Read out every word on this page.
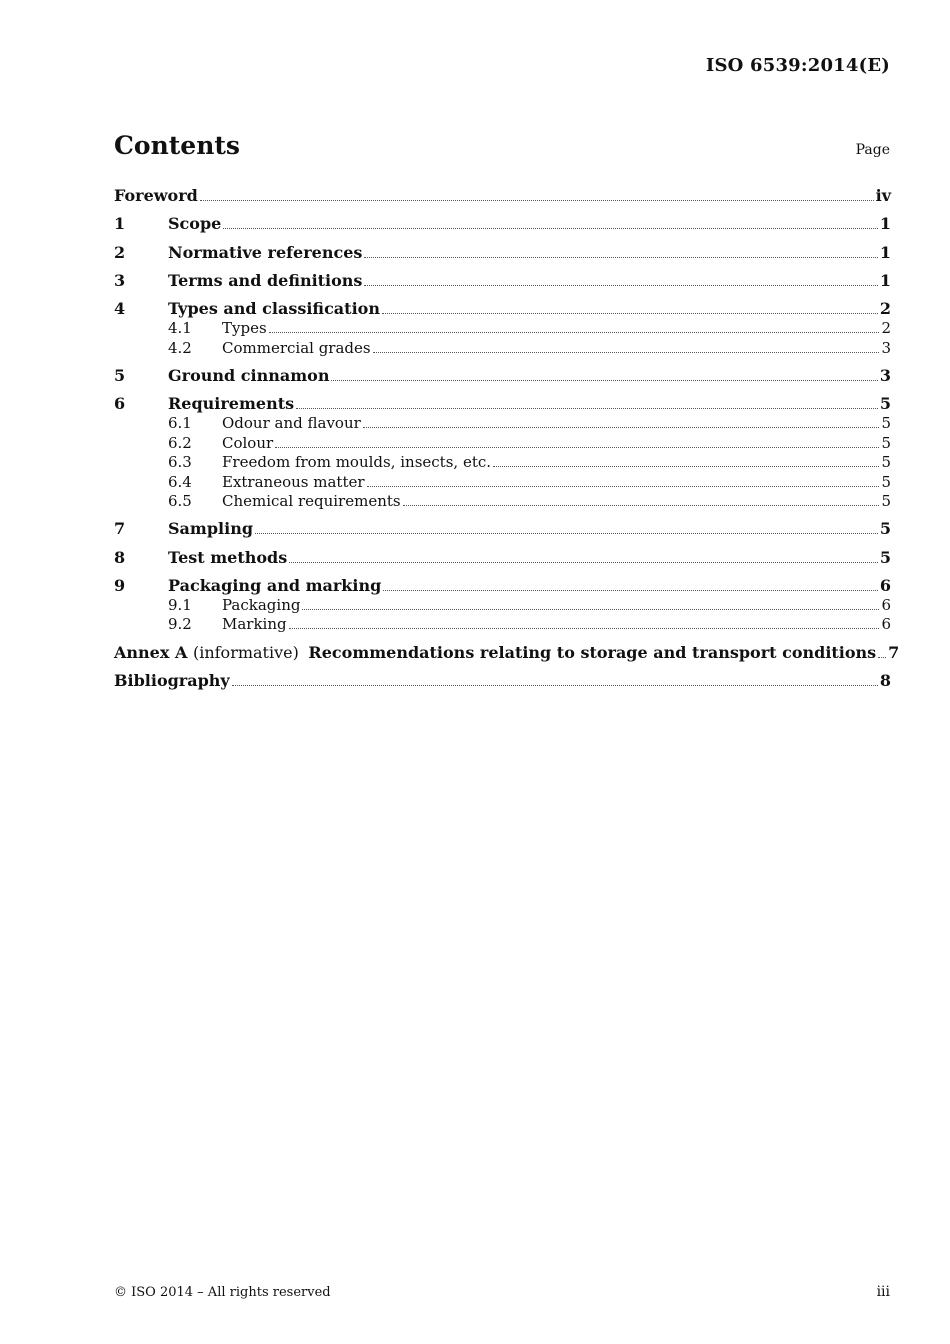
ISO 6539:2014(E)
Contents	Page
Foreword	iv
1	Scope	1
2	Normative references	1
3	Terms and definitions	1
4	Types and classification	2
4.1	Types	2
4.2	Commercial grades	3
5	Ground cinnamon	3
6	Requirements	5
6.1	Odour and flavour	5
6.2	Colour	5
6.3	Freedom from moulds, insects, etc.	5
6.4	Extraneous matter	5
6.5	Chemical requirements	5
7	Sampling	5
8	Test methods	5
9	Packaging and marking	6
9.1	Packaging	6
9.2	Marking	6
Annex A (informative) Recommendations relating to storage and transport conditions 7
Bibliography	8
© ISO 2014 – All rights reserved	iii
